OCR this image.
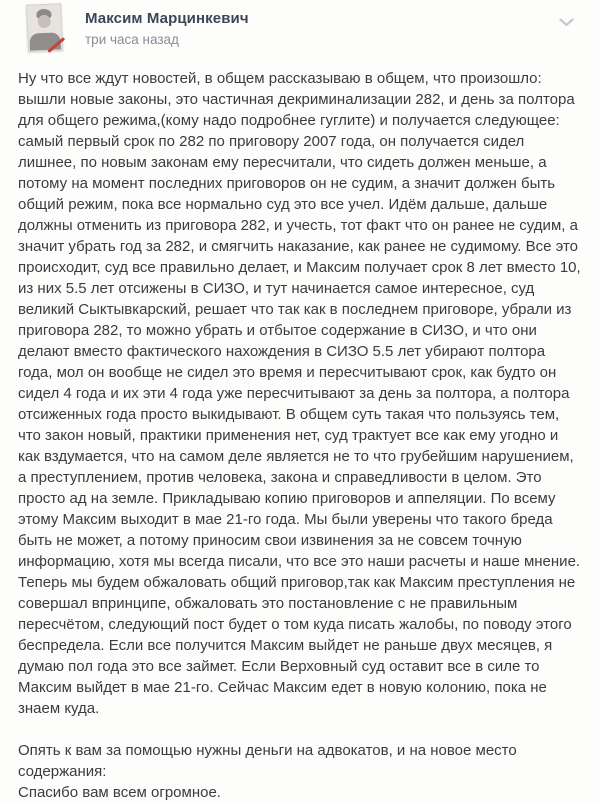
Максим Марцинкевич
три часа назад

Ну что все ждут новостей, в общем рассказываю в общем, что произошло: вышли новые законы, это частичная декриминализации 282, и день за полтора для общего режима,(кому надо подробнее гуглите) и получается следующее: самый первый срок по 282 по приговору 2007 года, он получается сидел лишнее, по новым законам ему пересчитали, что сидеть должен меньше, а потому на момент последних приговоров он не судим, а значит должен быть общий режим, пока все нормально суд это все учел. Идём дальше, дальше должны отменить из приговора 282, и учесть, тот факт что он ранее не судим, а значит убрать год за 282, и смягчить наказание, как ранее не судимому. Все это происходит, суд все правильно делает, и Максим получает срок 8 лет вместо 10, из них 5.5 лет отсижены в СИЗО, и тут начинается самое интересное, суд великий Сыктывкарский, решает что так как в последнем приговоре, убрали из приговора 282, то можно убрать и отбытое содержание в СИЗО, и что они делают вместо фактического нахождения в СИЗО 5.5 лет убирают полтора года, мол он вообще не сидел это время и пересчитывают срок, как будто он сидел 4 года и их эти 4 года уже пересчитывают за день за полтора, а полтора отсиженных года просто выкидывают. В общем суть такая что пользуясь тем, что закон новый, практики применения нет, суд трактует все как ему угодно и как вздумается, что на самом деле является не то что грубейшим нарушением, а преступлением, против человека, закона и справедливости в целом. Это просто ад на земле. Прикладываю копию приговоров и аппеляции. По всему этому Максим выходит в мае 21-го года. Мы были уверены что такого бреда быть не может, а потому приносим свои извинения за не совсем точную информацию, хотя мы всегда писали, что все это наши расчеты и наше мнение. Теперь мы будем обжаловать общий приговор,так как Максим преступления не совершал впринципе, обжаловать это постановление с не правильным пересчётом, следующий пост будет о том куда писать жалобы, по поводу этого беспредела. Если все получится Максим выйдет не раньше двух месяцев, я думаю пол года это все займет. Если Верховный суд оставит все в силе то Максим выйдет в мае 21-го. Сейчас Максим едет в новую колонию, пока не знаем куда.

Опять к вам за помощью нужны деньги на адвокатов, и на новое место содержания:

Спасибо вам всем огромное.
